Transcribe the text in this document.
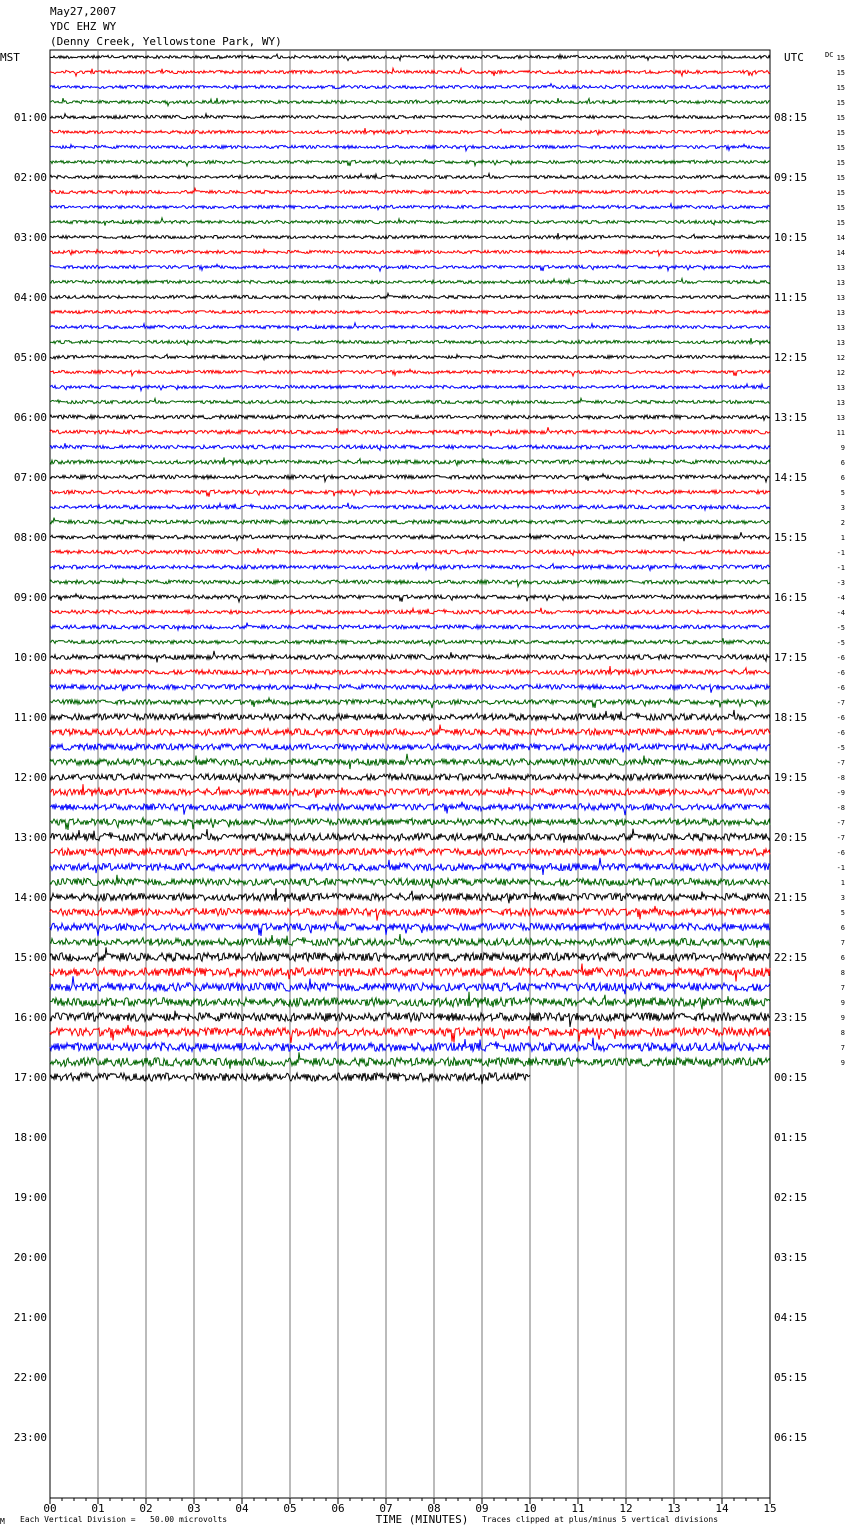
May27,2007
YDC EHZ WY
(Denny Creek, Yellowstone Park, WY)
00	01	02	03	04	05	06	07	08	09	10	11	12	13	14	15
MST	UTC	DC
TIME (MINUTES)
01:00
02:00
03:00
04:00
05:00
06:00
07:00
08:00
09:00
10:00
11:00
12:00
13:00
14:00
15:00
16:00
17:00
18:00
19:00
20:00
21:00
22:00
23:00
08:15
09:15
10:15
11:15
12:15
13:15
14:15
15:15
16:15
17:15
18:15
19:15
20:15
21:15
22:15
23:15
00:15
01:15
02:15
03:15
04:15
05:15
06:15
15
15
15
15
15
15
15
15
15
15
15
15
14
14
13
13
13
13
13
13
12
12
13
13
13
11
9
6
6
5
3
2
1
-1
-1
-3
-4
-4
-5
-5
-6
-6
-6
-7
-6
-6
-5
-7
-8
-9
-8
-7
-7
-6
-1
1
3
5
6
7
6
8
7
9
9
8
7
9
M Each Vertical Division =   50.00 microvolts	Traces clipped at plus/minus 5 vertical divisions
